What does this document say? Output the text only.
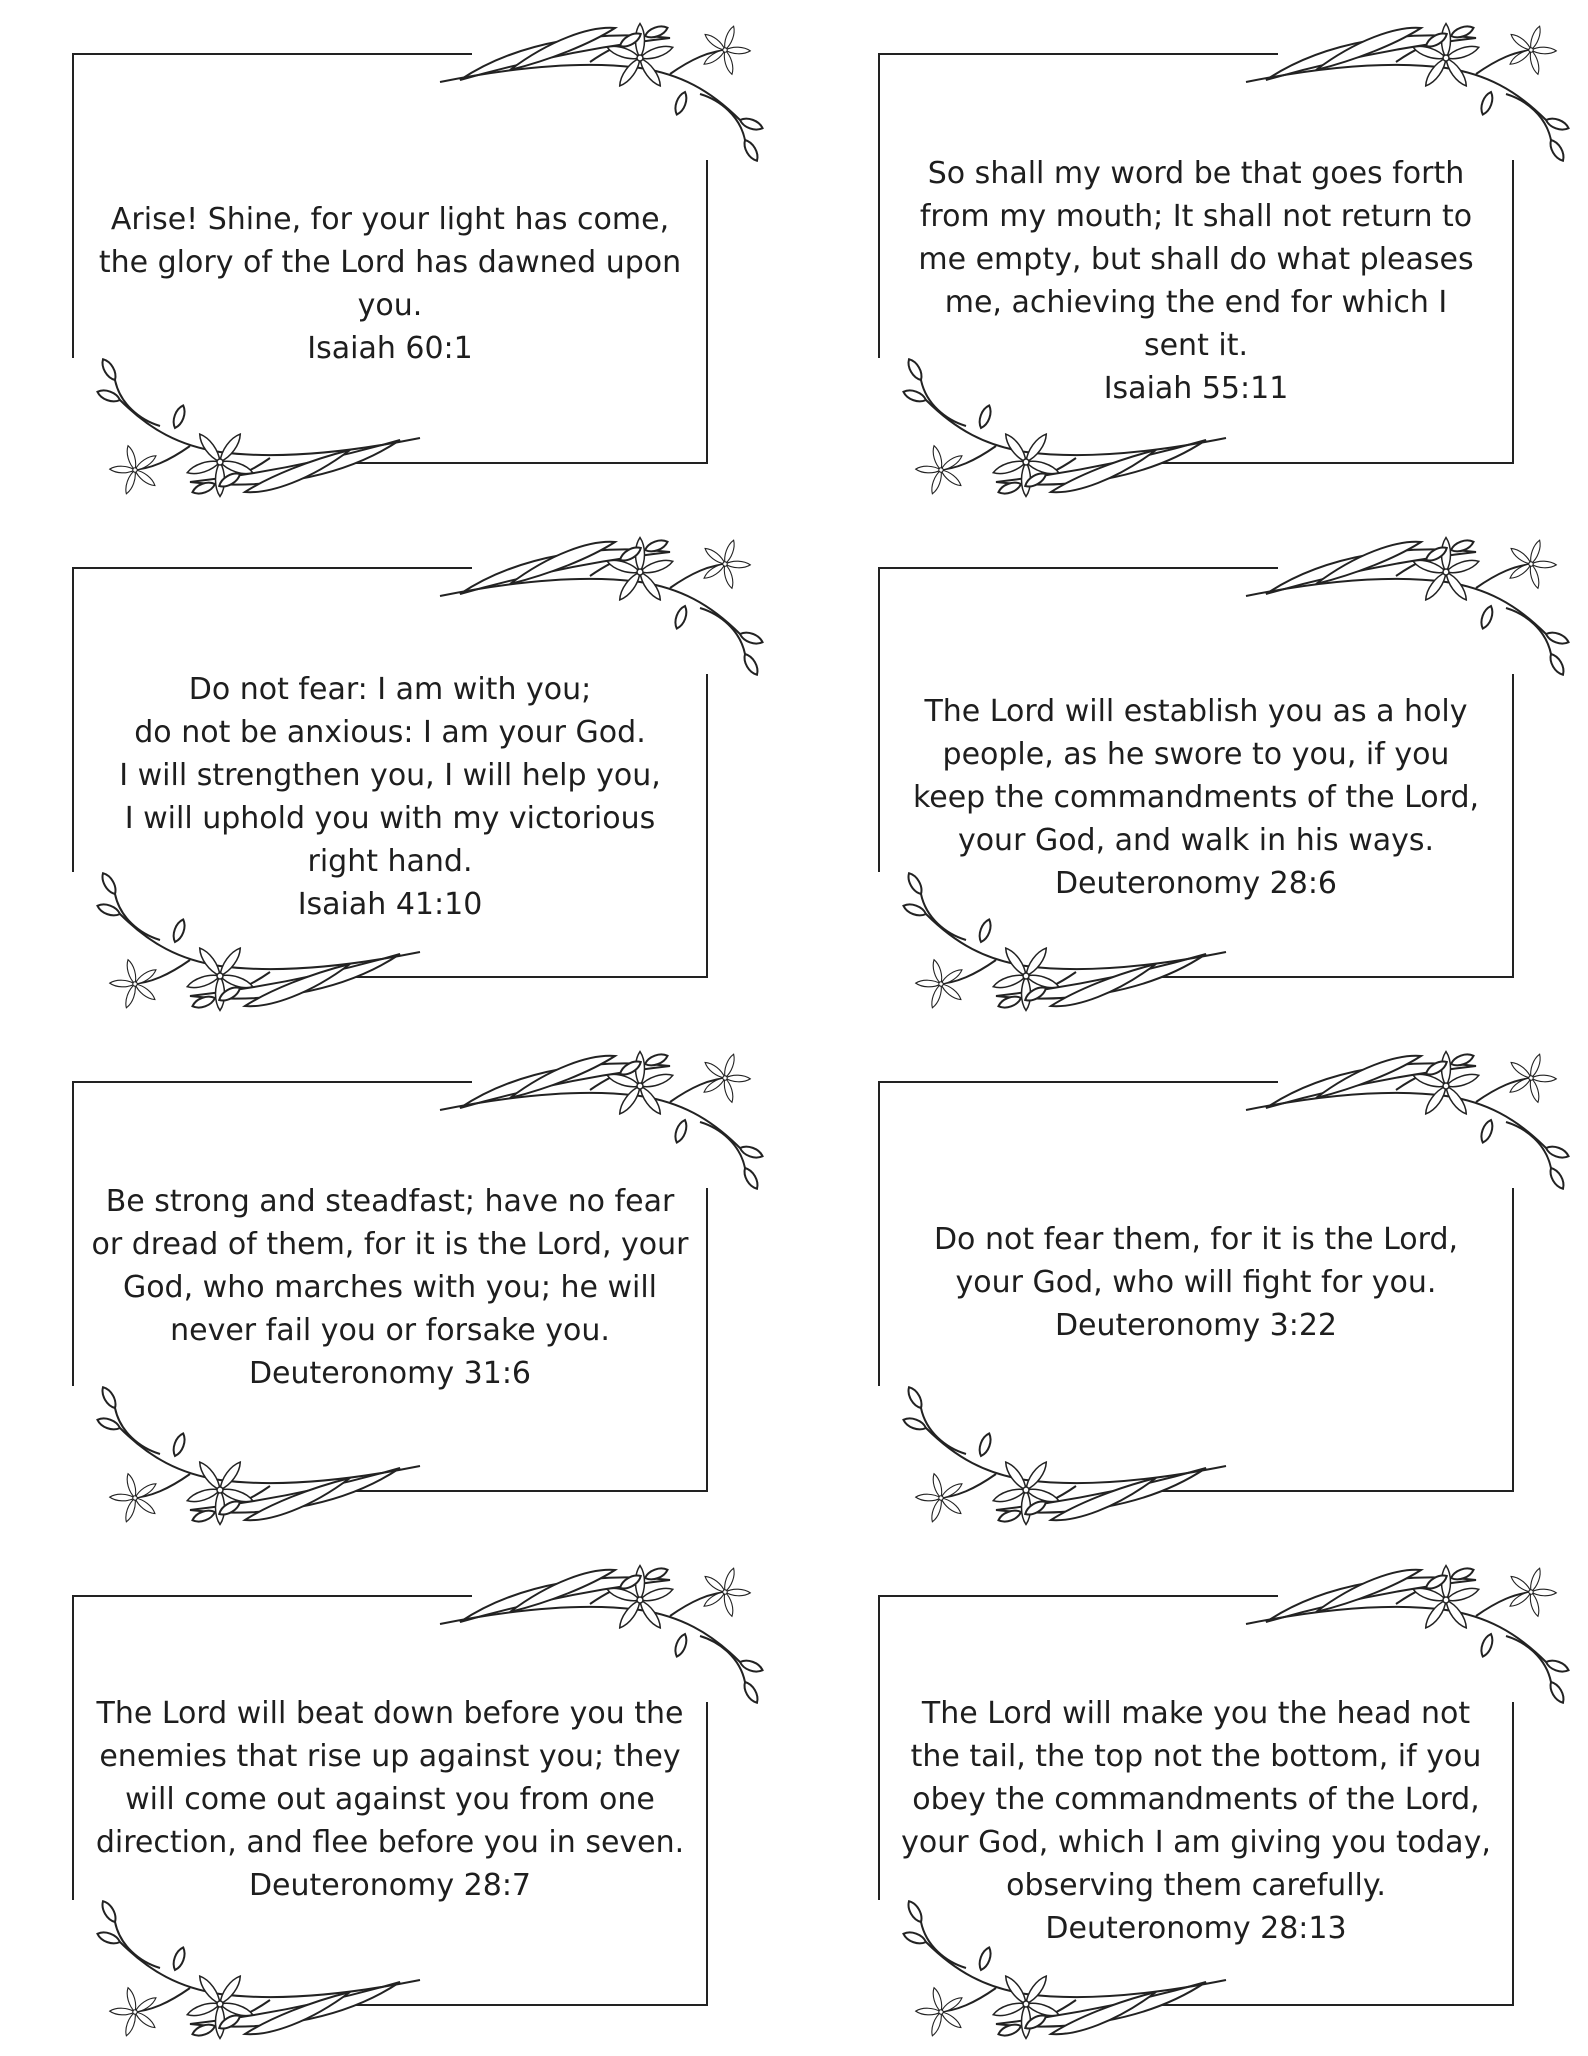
Arise! Shine, for your light has come,
the glory of the Lord has dawned upon
you.
Isaiah 60:1
So shall my word be that goes forth
from my mouth; It shall not return to
me empty, but shall do what pleases
me, achieving the end for which I
sent it.
Isaiah 55:11
Do not fear: I am with you;
do not be anxious: I am your God.
I will strengthen you, I will help you,
I will uphold you with my victorious
right hand.
Isaiah 41:10
The Lord will establish you as a holy
people, as he swore to you, if you
keep the commandments of the Lord,
your God, and walk in his ways.
Deuteronomy 28:6
Be strong and steadfast; have no fear
or dread of them, for it is the Lord, your
God, who marches with you; he will
never fail you or forsake you.
Deuteronomy 31:6
Do not fear them, for it is the Lord,
your God, who will fight for you.
Deuteronomy 3:22
The Lord will beat down before you the
enemies that rise up against you; they
will come out against you from one
direction, and flee before you in seven.
Deuteronomy 28:7
The Lord will make you the head not
the tail, the top not the bottom, if you
obey the commandments of the Lord,
your God, which I am giving you today,
observing them carefully.
Deuteronomy 28:13
